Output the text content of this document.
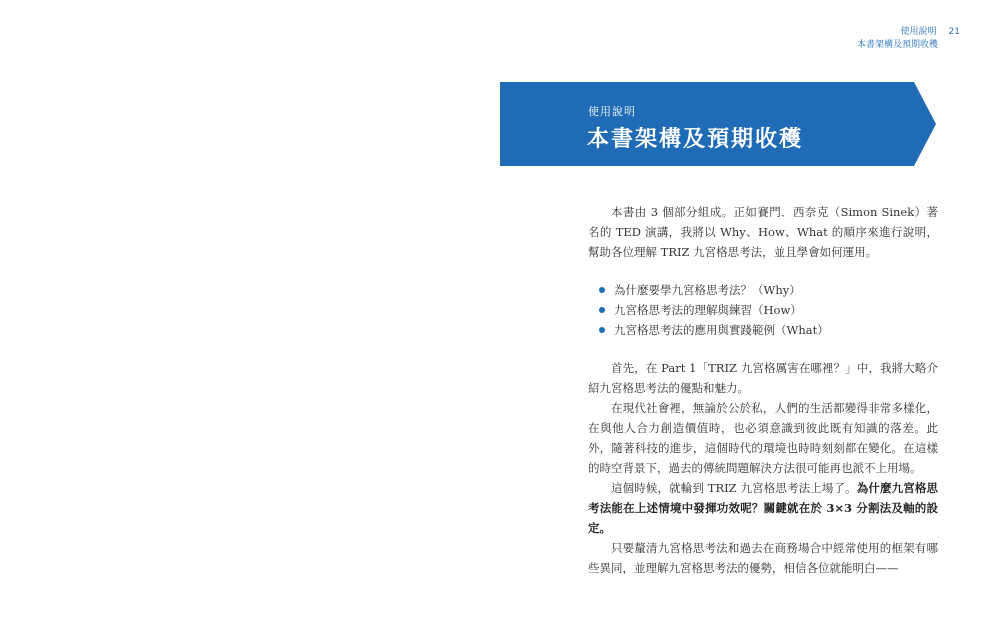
使用說明 21
本書架構及預期收穫
使用說明
本書架構及預期收穫

本書由 3 個部分組成。正如賽門．西奈克（Simon Sinek）著名的 TED 演講，我將以 Why、How、What 的順序來進行說明，幫助各位理解 TRIZ 九宮格思考法，並且學會如何運用。

為什麼要學九宮格思考法？（Why）
九宮格思考法的理解與練習（How）
九宮格思考法的應用與實踐範例（What）

首先，在 Part 1「TRIZ 九宮格厲害在哪裡？」中，我將大略介紹九宮格思考法的優點和魅力。

在現代社會裡，無論於公於私，人們的生活都變得非常多樣化，在與他人合力創造價值時，也必須意識到彼此既有知識的落差。此外，隨著科技的進步，這個時代的環境也時時刻刻都在變化。在這樣的時空背景下，過去的傳統問題解決方法很可能再也派不上用場。

這個時候，就輪到 TRIZ 九宮格思考法上場了。為什麼九宮格思考法能在上述情境中發揮功效呢？關鍵就在於 3×3 分割法及軸的設定。

只要釐清九宮格思考法和過去在商務場合中經常使用的框架有哪些異同，並理解九宮格思考法的優勢，相信各位就能明白——
